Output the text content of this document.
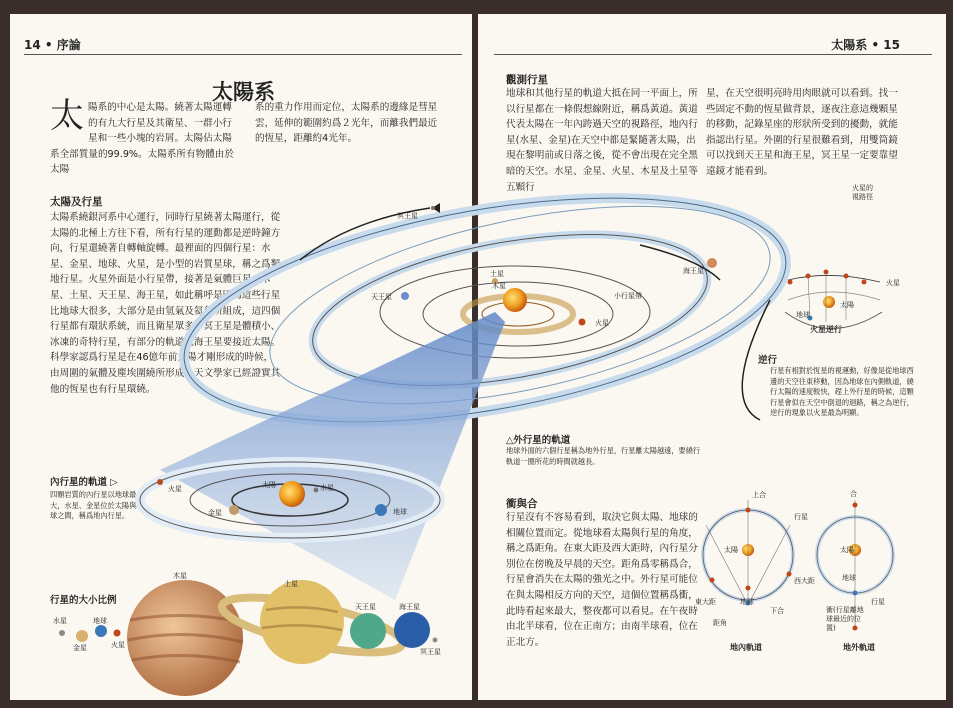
14 • 序論
太陽系
太陽系的中心是太陽。繞著太陽運轉的有九大行星及其衛星、一群小行星和一些小塊的岩屑。太陽佔太陽系全部質量的99.9%。太陽系所有物體由於太陽
系的重力作用而定位，太陽系的邊緣是彗星雲，延伸的範圍約爲２光年，而離我們最近的恆星，距離約4光年。
太陽及行星
太陽系繞銀河系中心運行，同時行星繞著太陽運行，從太陽的北極上方往下看，所有行星的運動都是逆時鐘方向，行星還繞著自轉軸旋轉。最裡面的四個行星：水星、金星、地球、火星，是小型的岩質星球，稱之爲類地行星。火星外面是小行星帶，接著是氣體巨星：木星、土星、天王星、海王星，如此稱呼是因爲這些行星比地球大很多，大部分是由氫氣及氦氣所組成，這四個行星都有環狀系統，而且衛星眾多。冥王星是體積小、冰凍的奇特行星，有部分的軌道比海王星要接近太陽。科學家認爲行星是在46億年前太陽才剛形成的時候，由周圍的氣體及塵埃圍繞所形成。天文學家已經證實其他的恆星也有行星環繞。
內行星的軌道 ▷
四顆岩質的內行星以地球最大，水星、金星位於太陽與地球之間，稱爲地內行星。
行星的大小比例
太陽系 • 15
觀測行星
地球和其他行星的軌道大抵在同一平面上，所以行星都在一條假想線附近，稱爲黃道。黃道代表太陽在一年內跨過天空的視路徑，地內行星(水星、金星)在天空中都是緊隨著太陽，出現在黎明前或日落之後，從不會出現在完全黑暗的天空。水星、金星、火星、木星及土星等五顆行
星，在天空很明亮時用肉眼就可以看到。找一些固定不動的恆星做背景，逐夜注意這幾顆星的移動，記錄星座的形狀所受到的擾動，就能指認出行星。外圍的行星很難看到，用雙筒鏡可以找到天王星和海王星，冥王星一定要靠望遠鏡才能看到。
逆行
行星有相對於恆星的視運動，好像是從地球西邊的天空往東移動，因為地球在內側軌道，繞行太陽的速度較快，趕上外行星的時候，這顆行星會似在天空中倒退的迴路，稱之為逆行，逆行的現象以火星最為明顯。
△外行星的軌道
地球外面的六個行星稱為地外行星，行星離太陽越遠，要繞行軌道一圈所花的時間就越長。
衝與合
行星沒有不容易看到，取決它與太陽、地球的相關位置而定。從地球看太陽與行星的角度，稱之爲距角。在東大距及西大距時，內行星分別位在傍晚及早晨的天空。距角爲零稱爲合，行星會消失在太陽的強光之中。外行星可能位在與太陽相反方向的天空，這個位置稱爲衝，此時看起來最大，整夜都可以看見。在午夜時由北半球看，位在正南方；由南半球看，位在正北方。
冥王星
天王星
土星
木星
海王星
小行星帶
火星
火星	太陽	水星
金星	地球
水星
金星
地球
火星
木星
土星
天王星	海王星
冥王星
火星的視路徑
火星
太陽
地球
火星逆行
上合
行星
太陽
西大距
東大距	地球
下合
距角
地內軌道
合
太陽
地球
行星
衝(行星離地球最近的位置)
地外軌道
